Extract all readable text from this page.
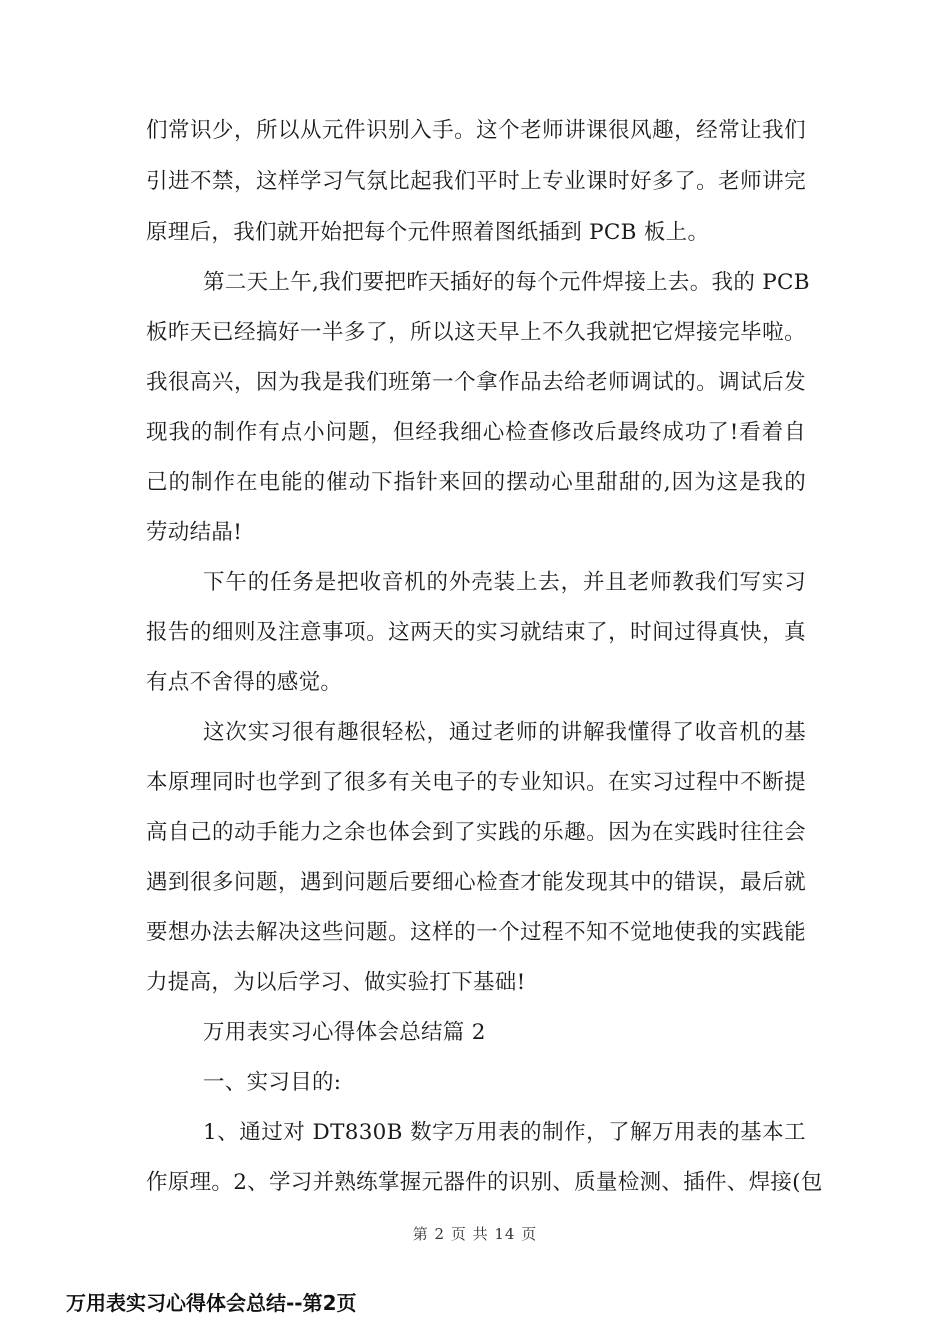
们常识少，所以从元件识别入手。这个老师讲课很风趣，经常让我们
引进不禁，这样学习气氛比起我们平时上专业课时好多了。老师讲完
原理后，我们就开始把每个元件照着图纸插到 PCB 板上。
第二天上午,我们要把昨天插好的每个元件焊接上去。我的 PCB
板昨天已经搞好一半多了，所以这天早上不久我就把它焊接完毕啦。
我很高兴，因为我是我们班第一个拿作品去给老师调试的。调试后发
现我的制作有点小问题，但经我细心检查修改后最终成功了!看着自
己的制作在电能的催动下指针来回的摆动心里甜甜的,因为这是我的
劳动结晶!
下午的任务是把收音机的外壳装上去，并且老师教我们写实习
报告的细则及注意事项。这两天的实习就结束了，时间过得真快，真
有点不舍得的感觉。
这次实习很有趣很轻松，通过老师的讲解我懂得了收音机的基
本原理同时也学到了很多有关电子的专业知识。在实习过程中不断提
高自己的动手能力之余也体会到了实践的乐趣。因为在实践时往往会
遇到很多问题，遇到问题后要细心检查才能发现其中的错误，最后就
要想办法去解决这些问题。这样的一个过程不知不觉地使我的实践能
力提高，为以后学习、做实验打下基础!
万用表实习心得体会总结篇 2
一、实习目的:
1、通过对 DT830B 数字万用表的制作，了解万用表的基本工
作原理。2、学习并熟练掌握元器件的识别、质量检测、插件、焊接(包
第 2 页 共 14 页
万用表实习心得体会总结--第2页
